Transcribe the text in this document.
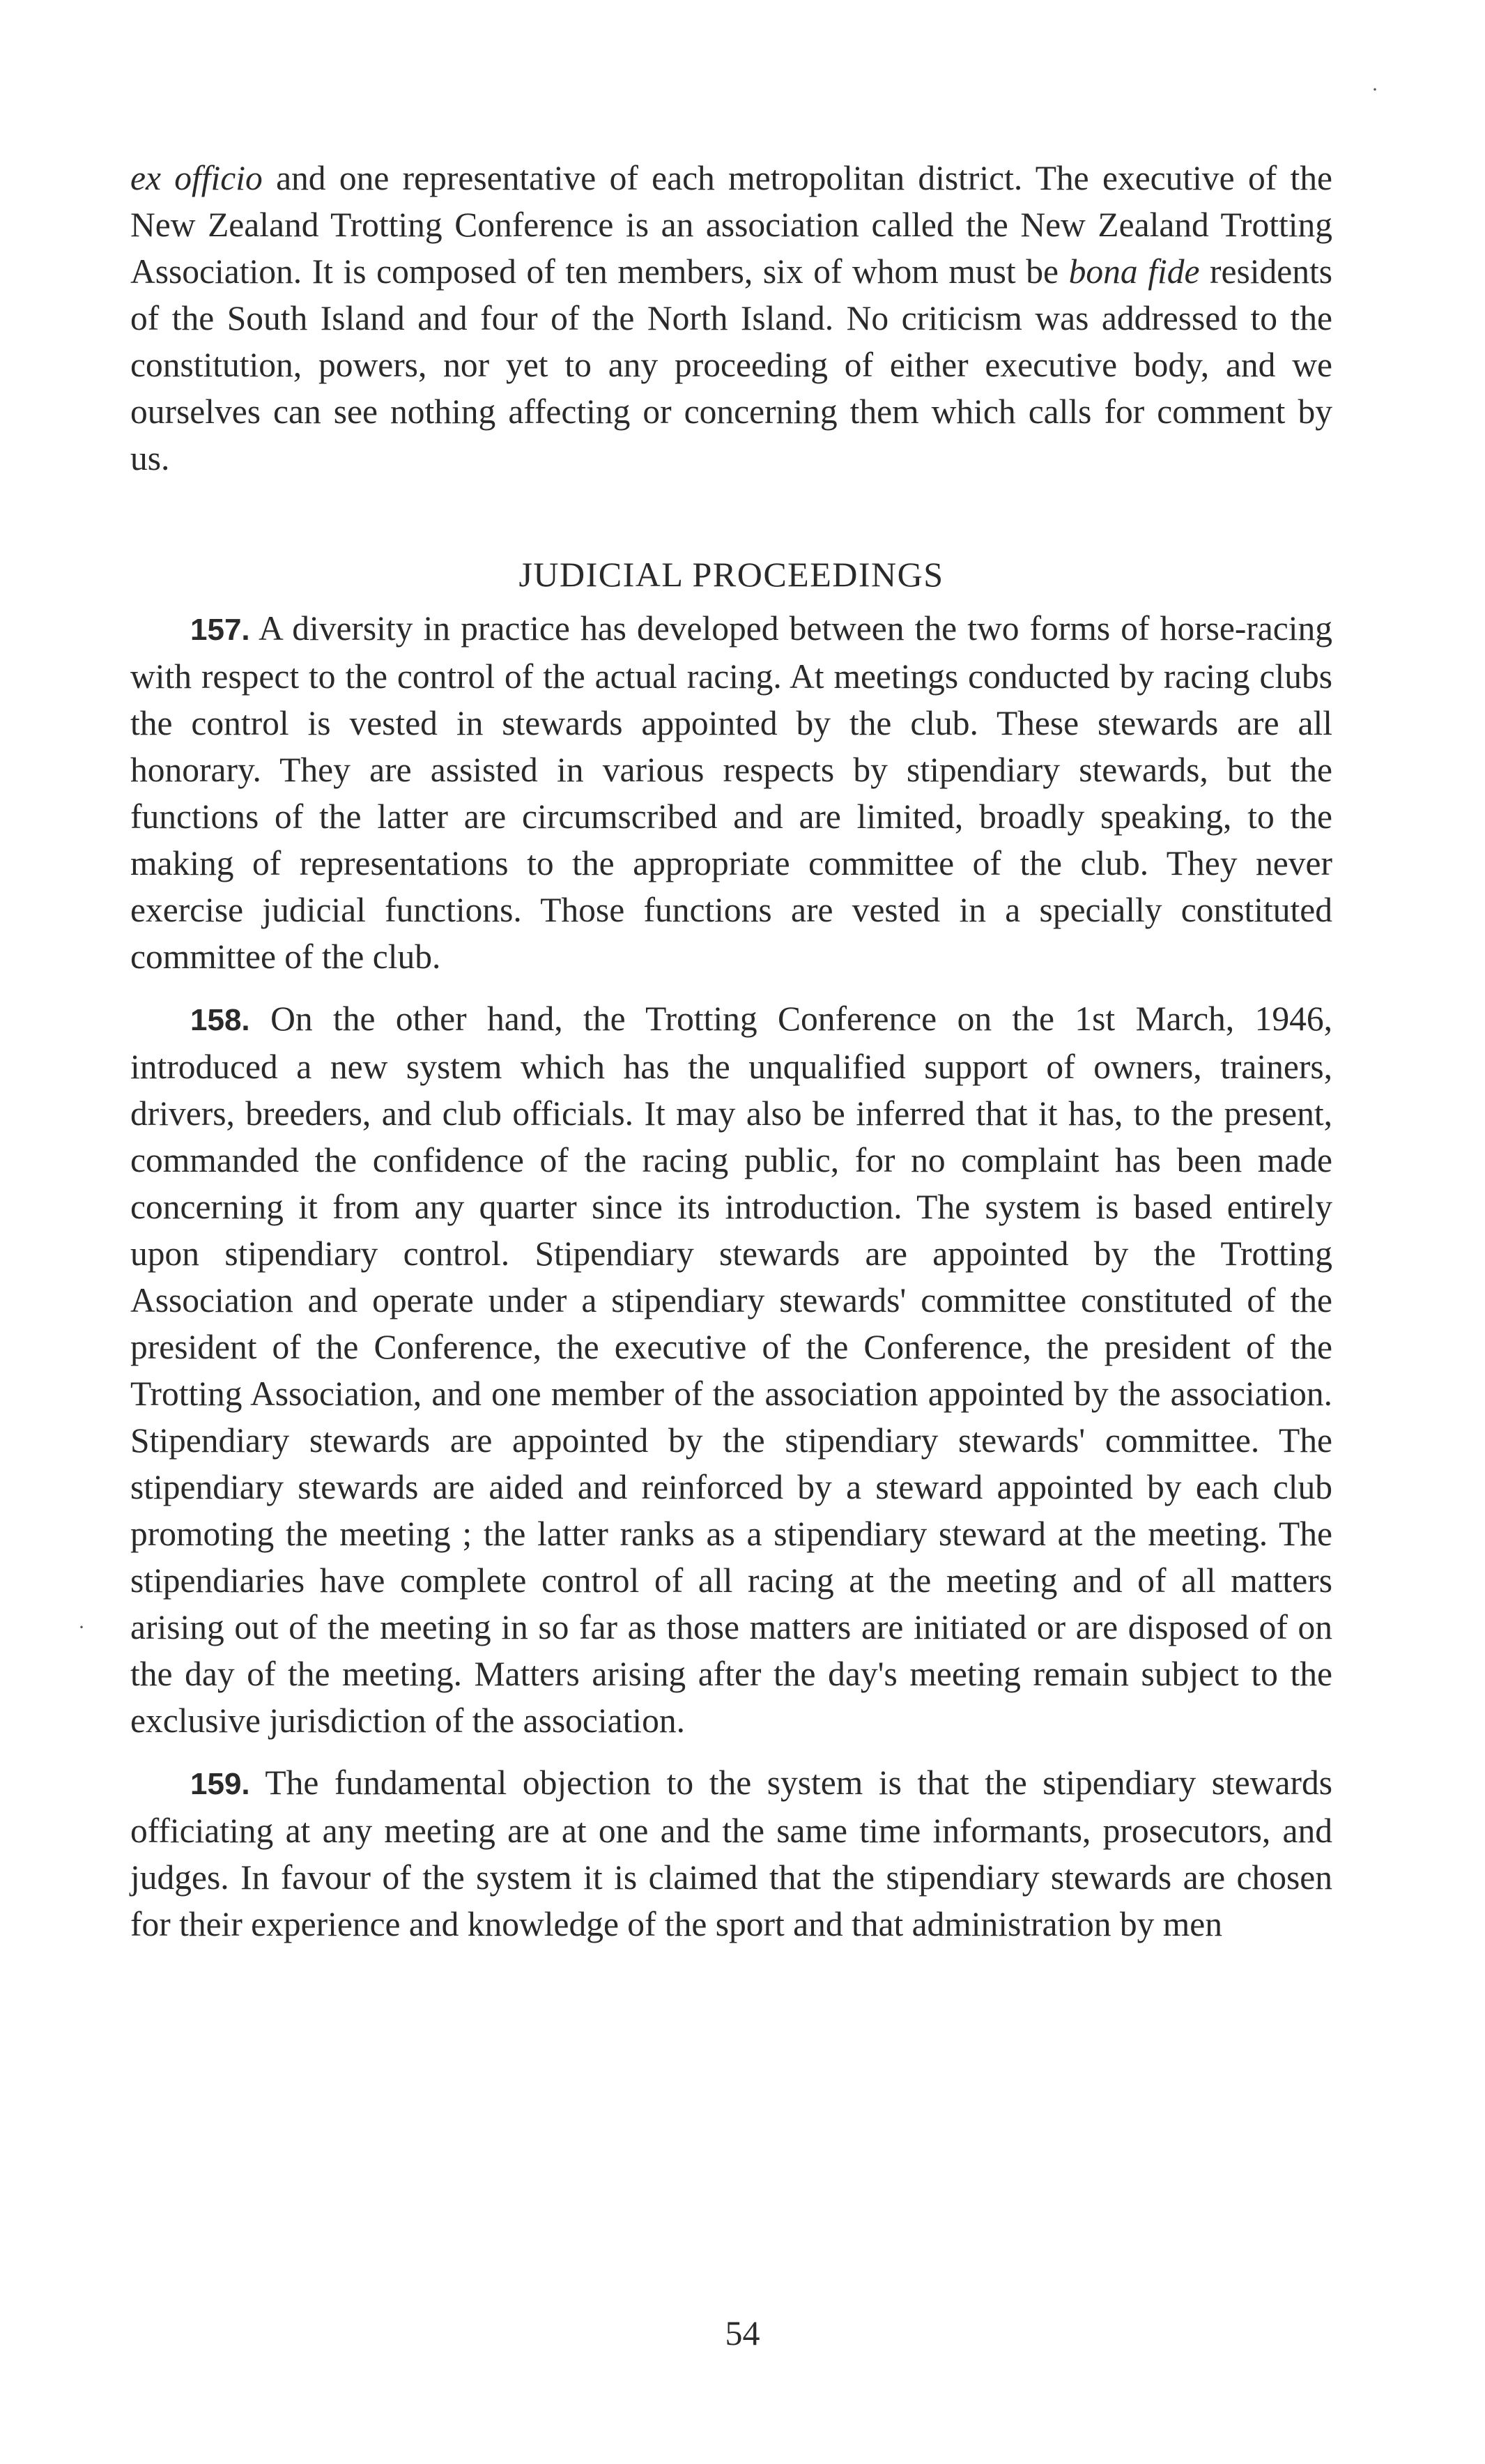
ex officio and one representative of each metropolitan district. The executive of the New Zealand Trotting Conference is an association called the New Zealand Trotting Association. It is composed of ten members, six of whom must be bona fide residents of the South Island and four of the North Island. No criticism was addressed to the constitution, powers, nor yet to any proceeding of either executive body, and we ourselves can see nothing affecting or concerning them which calls for comment by us.

JUDICIAL PROCEEDINGS

157. A diversity in practice has developed between the two forms of horse-racing with respect to the control of the actual racing. At meetings conducted by racing clubs the control is vested in stewards appointed by the club. These stewards are all honorary. They are assisted in various respects by stipendiary stewards, but the functions of the latter are circumscribed and are limited, broadly speaking, to the making of representations to the appropriate committee of the club. They never exercise judicial functions. Those functions are vested in a specially constituted committee of the club.

158. On the other hand, the Trotting Conference on the 1st March, 1946, introduced a new system which has the unqualified support of owners, trainers, drivers, breeders, and club officials. It may also be inferred that it has, to the present, commanded the confidence of the racing public, for no complaint has been made concerning it from any quarter since its introduction. The system is based entirely upon stipendiary control. Stipendiary stewards are appointed by the Trotting Association and operate under a stipendiary stewards' committee constituted of the president of the Conference, the executive of the Conference, the president of the Trotting Association, and one member of the association appointed by the association. Stipendiary stewards are appointed by the stipendiary stewards' committee. The stipendiary stewards are aided and reinforced by a steward appointed by each club promoting the meeting ; the latter ranks as a stipendiary steward at the meeting. The stipendiaries have complete control of all racing at the meeting and of all matters arising out of the meeting in so far as those matters are initiated or are disposed of on the day of the meeting. Matters arising after the day's meeting remain subject to the exclusive jurisdiction of the association.

159. The fundamental objection to the system is that the stipendiary stewards officiating at any meeting are at one and the same time informants, prosecutors, and judges. In favour of the system it is claimed that the stipendiary stewards are chosen for their experience and knowledge of the sport and that administration by men

54
·
·
